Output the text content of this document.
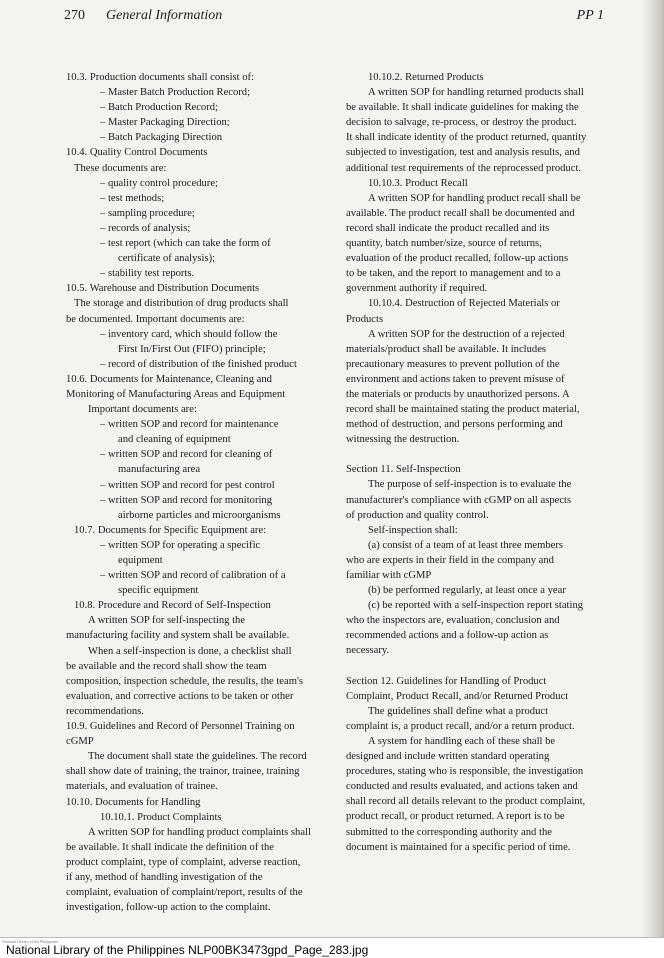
270 General Information	PP 1
10.3. Production documents shall consist of:
– Master Batch Production Record;
– Batch Production Record;
– Master Packaging Direction;
– Batch Packaging Direction
10.4. Quality Control Documents
These documents are:
– quality control procedure;
– test methods;
– sampling procedure;
– records of analysis;
– test report (which can take the form of
certificate of analysis);
– stability test reports.
10.5. Warehouse and Distribution Documents
The storage and distribution of drug products shall
be documented. Important documents are:
– inventory card, which should follow the
First In/First Out (FIFO) principle;
– record of distribution of the finished product
10.6. Documents for Maintenance, Cleaning and
Monitoring of Manufacturing Areas and Equipment
Important documents are:
– written SOP and record for maintenance
and cleaning of equipment
– written SOP and record for cleaning of
manufacturing area
– written SOP and record for pest control
– written SOP and record for monitoring
airborne particles and microorganisms
10.7. Documents for Specific Equipment are:
– written SOP for operating a specific
equipment
– written SOP and record of calibration of a
specific equipment
10.8. Procedure and Record of Self-Inspection
A written SOP for self-inspecting the
manufacturing facility and system shall be available.
When a self-inspection is done, a checklist shall
be available and the record shall show the team
composition, inspection schedule, the results, the team's
evaluation, and corrective actions to be taken or other
recommendations.
10.9. Guidelines and Record of Personnel Training on
cGMP
The document shall state the guidelines. The record
shall show date of training, the trainor, trainee, training
materials, and evaluation of trainee.
10.10. Documents for Handling
10.10.1. Product Complaints
A written SOP for handling product complaints shall
be available. It shall indicate the definition of the
product complaint, type of complaint, adverse reaction,
if any, method of handling investigation of the
complaint, evaluation of complaint/report, results of the
investigation, follow-up action to the complaint.
10.10.2. Returned Products
A written SOP for handling returned products shall
be available. It shall indicate guidelines for making the
decision to salvage, re-process, or destroy the product.
It shall indicate identity of the product returned, quantity
subjected to investigation, test and analysis results, and
additional test requirements of the reprocessed product.
10.10.3. Product Recall
A written SOP for handling product recall shall be
available. The product recall shall be documented and
record shall indicate the product recalled and its
quantity, batch number/size, source of returns,
evaluation of the product recalled, follow-up actions
to be taken, and the report to management and to a
government authority if required.
10.10.4. Destruction of Rejected Materials or
Products
A written SOP for the destruction of a rejected
materials/product shall be available. It includes
precautionary measures to prevent pollution of the
environment and actions taken to prevent misuse of
the materials or products by unauthorized persons. A
record shall be maintained stating the product material,
method of destruction, and persons performing and
witnessing the destruction.
Section 11. Self-Inspection
The purpose of self-inspection is to evaluate the
manufacturer's compliance with cGMP on all aspects
of production and quality control.
Self-inspection shall:
(a) consist of a team of at least three members
who are experts in their field in the company and
familiar with cGMP
(b) be performed regularly, at least once a year
(c) be reported with a self-inspection report stating
who the inspectors are, evaluation, conclusion and
recommended actions and a follow-up action as
necessary.
Section 12. Guidelines for Handling of Product
Complaint, Product Recall, and/or Returned Product
The guidelines shall define what a product
complaint is, a product recall, and/or a return product.
A system for handling each of these shall be
designed and include written standard operating
procedures, stating who is responsible, the investigation
conducted and results evaluated, and actions taken and
shall record all details relevant to the product complaint,
product recall, or product returned. A report is to be
submitted to the corresponding authority and the
document is maintained for a specific period of time.
National Library of the Philippines
National Library of the Philippines NLP00BK3473gpd_Page_283.jpg
